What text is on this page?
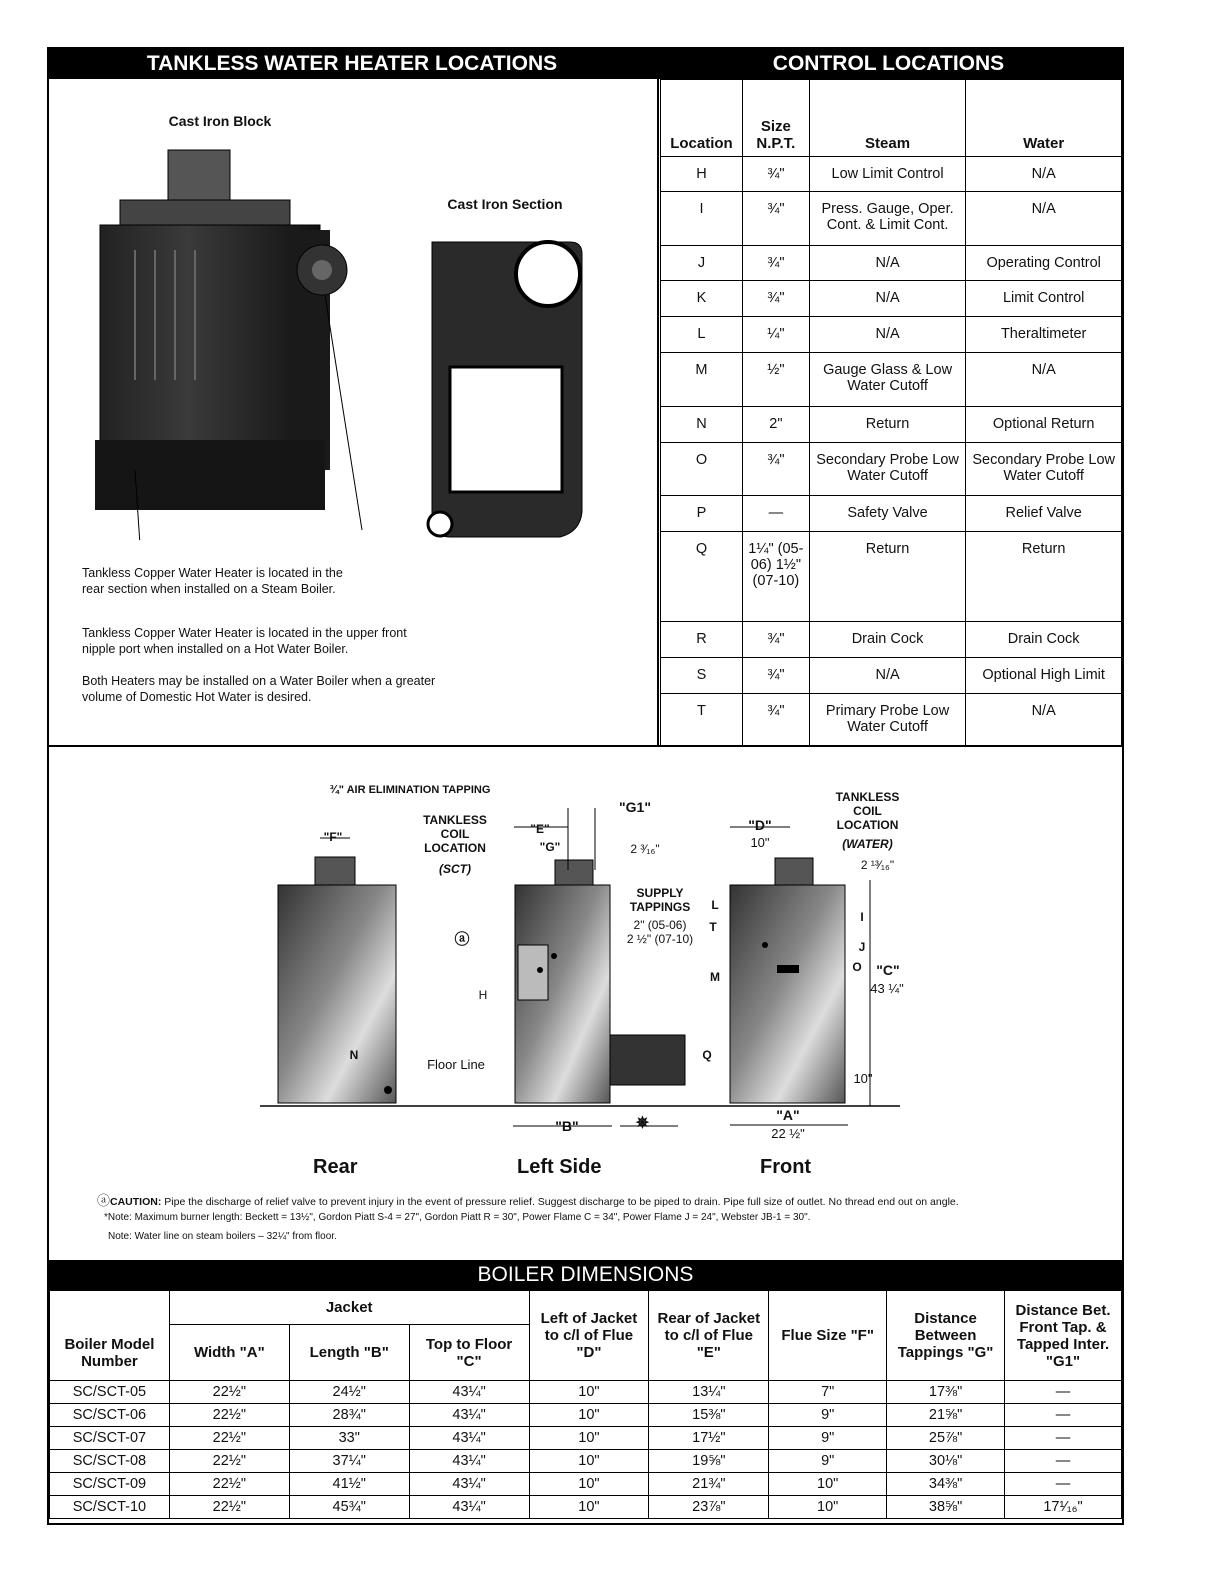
TANKLESS WATER HEATER LOCATIONS	CONTROL LOCATIONS
Cast Iron Block
Cast Iron Section
Tankless Copper Water Heater is located in the rear section when installed on a Steam Boiler.
Tankless Copper Water Heater is located in the upper front nipple port when installed on a Hot Water Boiler.
Both Heaters may be installed on a Water Boiler when a greater volume of Domestic Hot Water is desired.
Location	Size N.P.T.	Steam	Water
H	¾"	Low Limit Control	N/A
I	¾"	Press. Gauge, Oper. Cont. & Limit Cont.	N/A
J	¾"	N/A	Operating Control
K	¾"	N/A	Limit Control
L	¼"	N/A	Theraltimeter
M	½"	Gauge Glass & Low Water Cutoff	N/A
N	2"	Return	Optional Return
O	¾"	Secondary Probe Low Water Cutoff	Secondary Probe Low Water Cutoff
P	—	Safety Valve	Relief Valve
Q	1¼" (05-06) 1½" (07-10)	Return	Return
R	¾"	Drain Cock	Drain Cock
S	¾"	N/A	Optional High Limit
T	¾"	Primary Probe Low Water Cutoff	N/A
¾" AIR ELIMINATION TAPPING
TANKLESS COIL LOCATION
(SCT)
TANKLESS COIL LOCATION
(WATER)
SUPPLY TAPPINGS
2" (05-06)
2 ½" (07-10)
Floor Line
"F"
"E"
"G"
"G1"
2 ³⁄₁₆"
"D"
10"
2 ¹³⁄₁₆"
"C"
43 ¼"
10"
"A"
22 ½"
"B"	✵
H
L
T
M
I
J
O
Q
N
ⓐ
Rear	Left Side	Front
ⓐCAUTION: Pipe the discharge of relief valve to prevent injury in the event of pressure relief. Suggest discharge to be piped to drain. Pipe full size of outlet. No thread end out on angle.
*Note: Maximum burner length: Beckett = 13½", Gordon Piatt S-4 = 27", Gordon Piatt R = 30", Power Flame C = 34", Power Flame J = 24", Webster JB-1 = 30".
Note: Water line on steam boilers – 32¼" from floor.
BOILER DIMENSIONS
Boiler Model Number	Jacket			Left of Jacket to c/l of Flue "D"	Rear of Jacket to c/l of Flue "E"	Flue Size "F"	Distance Between Tappings "G"	Distance Bet. Front Tap. & Tapped Inter. "G1"
	Width "A"	Length "B"	Top to Floor "C"					
SC/SCT-05	22½"	24½"	43¼"	10"	13¼"	7"	17⅜"	—
SC/SCT-06	22½"	28¾"	43¼"	10"	15⅜"	9"	21⅝"	—
SC/SCT-07	22½"	33"	43¼"	10"	17½"	9"	25⅞"	—
SC/SCT-08	22½"	37¼"	43¼"	10"	19⅝"	9"	30⅛"	—
SC/SCT-09	22½"	41½"	43¼"	10"	21¾"	10"	34⅜"	—
SC/SCT-10	22½"	45¾"	43¼"	10"	23⅞"	10"	38⅝"	17¹⁄₁₆"
